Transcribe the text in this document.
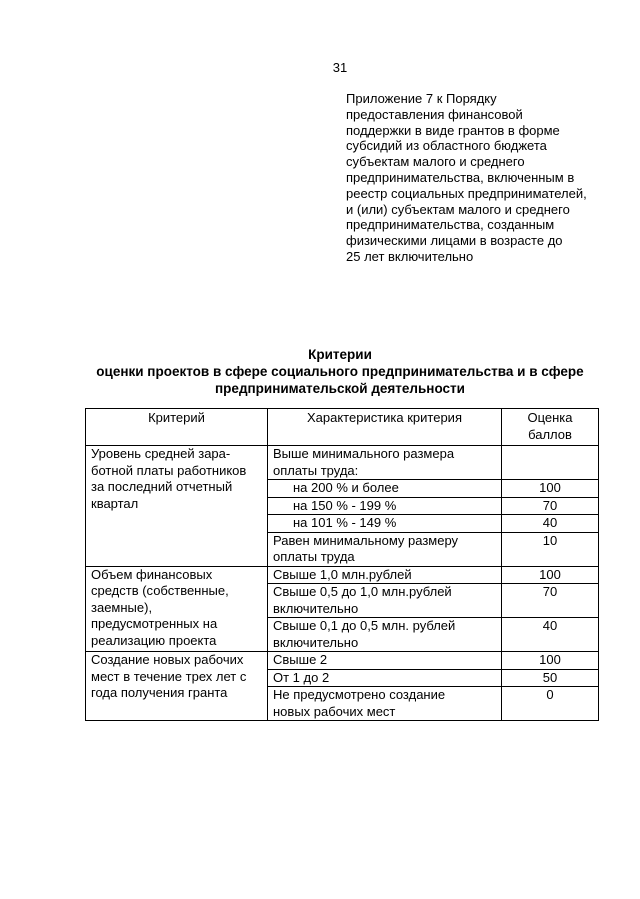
31
Приложение 7 к Порядку
предоставления финансовой
поддержки в виде грантов в форме
субсидий из областного бюджета
субъектам малого и среднего
предпринимательства, включенным в
реестр социальных предпринимателей,
и (или) субъектам малого и среднего
предпринимательства, созданным
физическими лицами в возрасте до
25 лет включительно
Критерии
оценки проектов в сфере социального предпринимательства и в сфере
предпринимательской деятельности
Критерий	Характеристика критерия	Оценка
баллов

Уровень средней зара-
ботной платы работников
за последний отчетный
квартал	Выше минимального размера
оплаты труда:	

	на 200 % и более	100
	на 150 % - 199 %	70
	на 101 % - 149 %	40

	Равен минимальному размеру
оплаты труда	10

Объем финансовых
средств (собственные,
заемные),
предусмотренных на
реализацию проекта	Свыше 1,0 млн.рублей	100

	Свыше 0,5 до 1,0 млн.рублей
включительно	70

	Свыше 0,1 до 0,5 млн. рублей
включительно	40

Создание новых рабочих
мест в течение трех лет с
года получения гранта	Свыше 2	100
	От 1 до 2	50

	Не предусмотрено создание
новых рабочих мест	0
